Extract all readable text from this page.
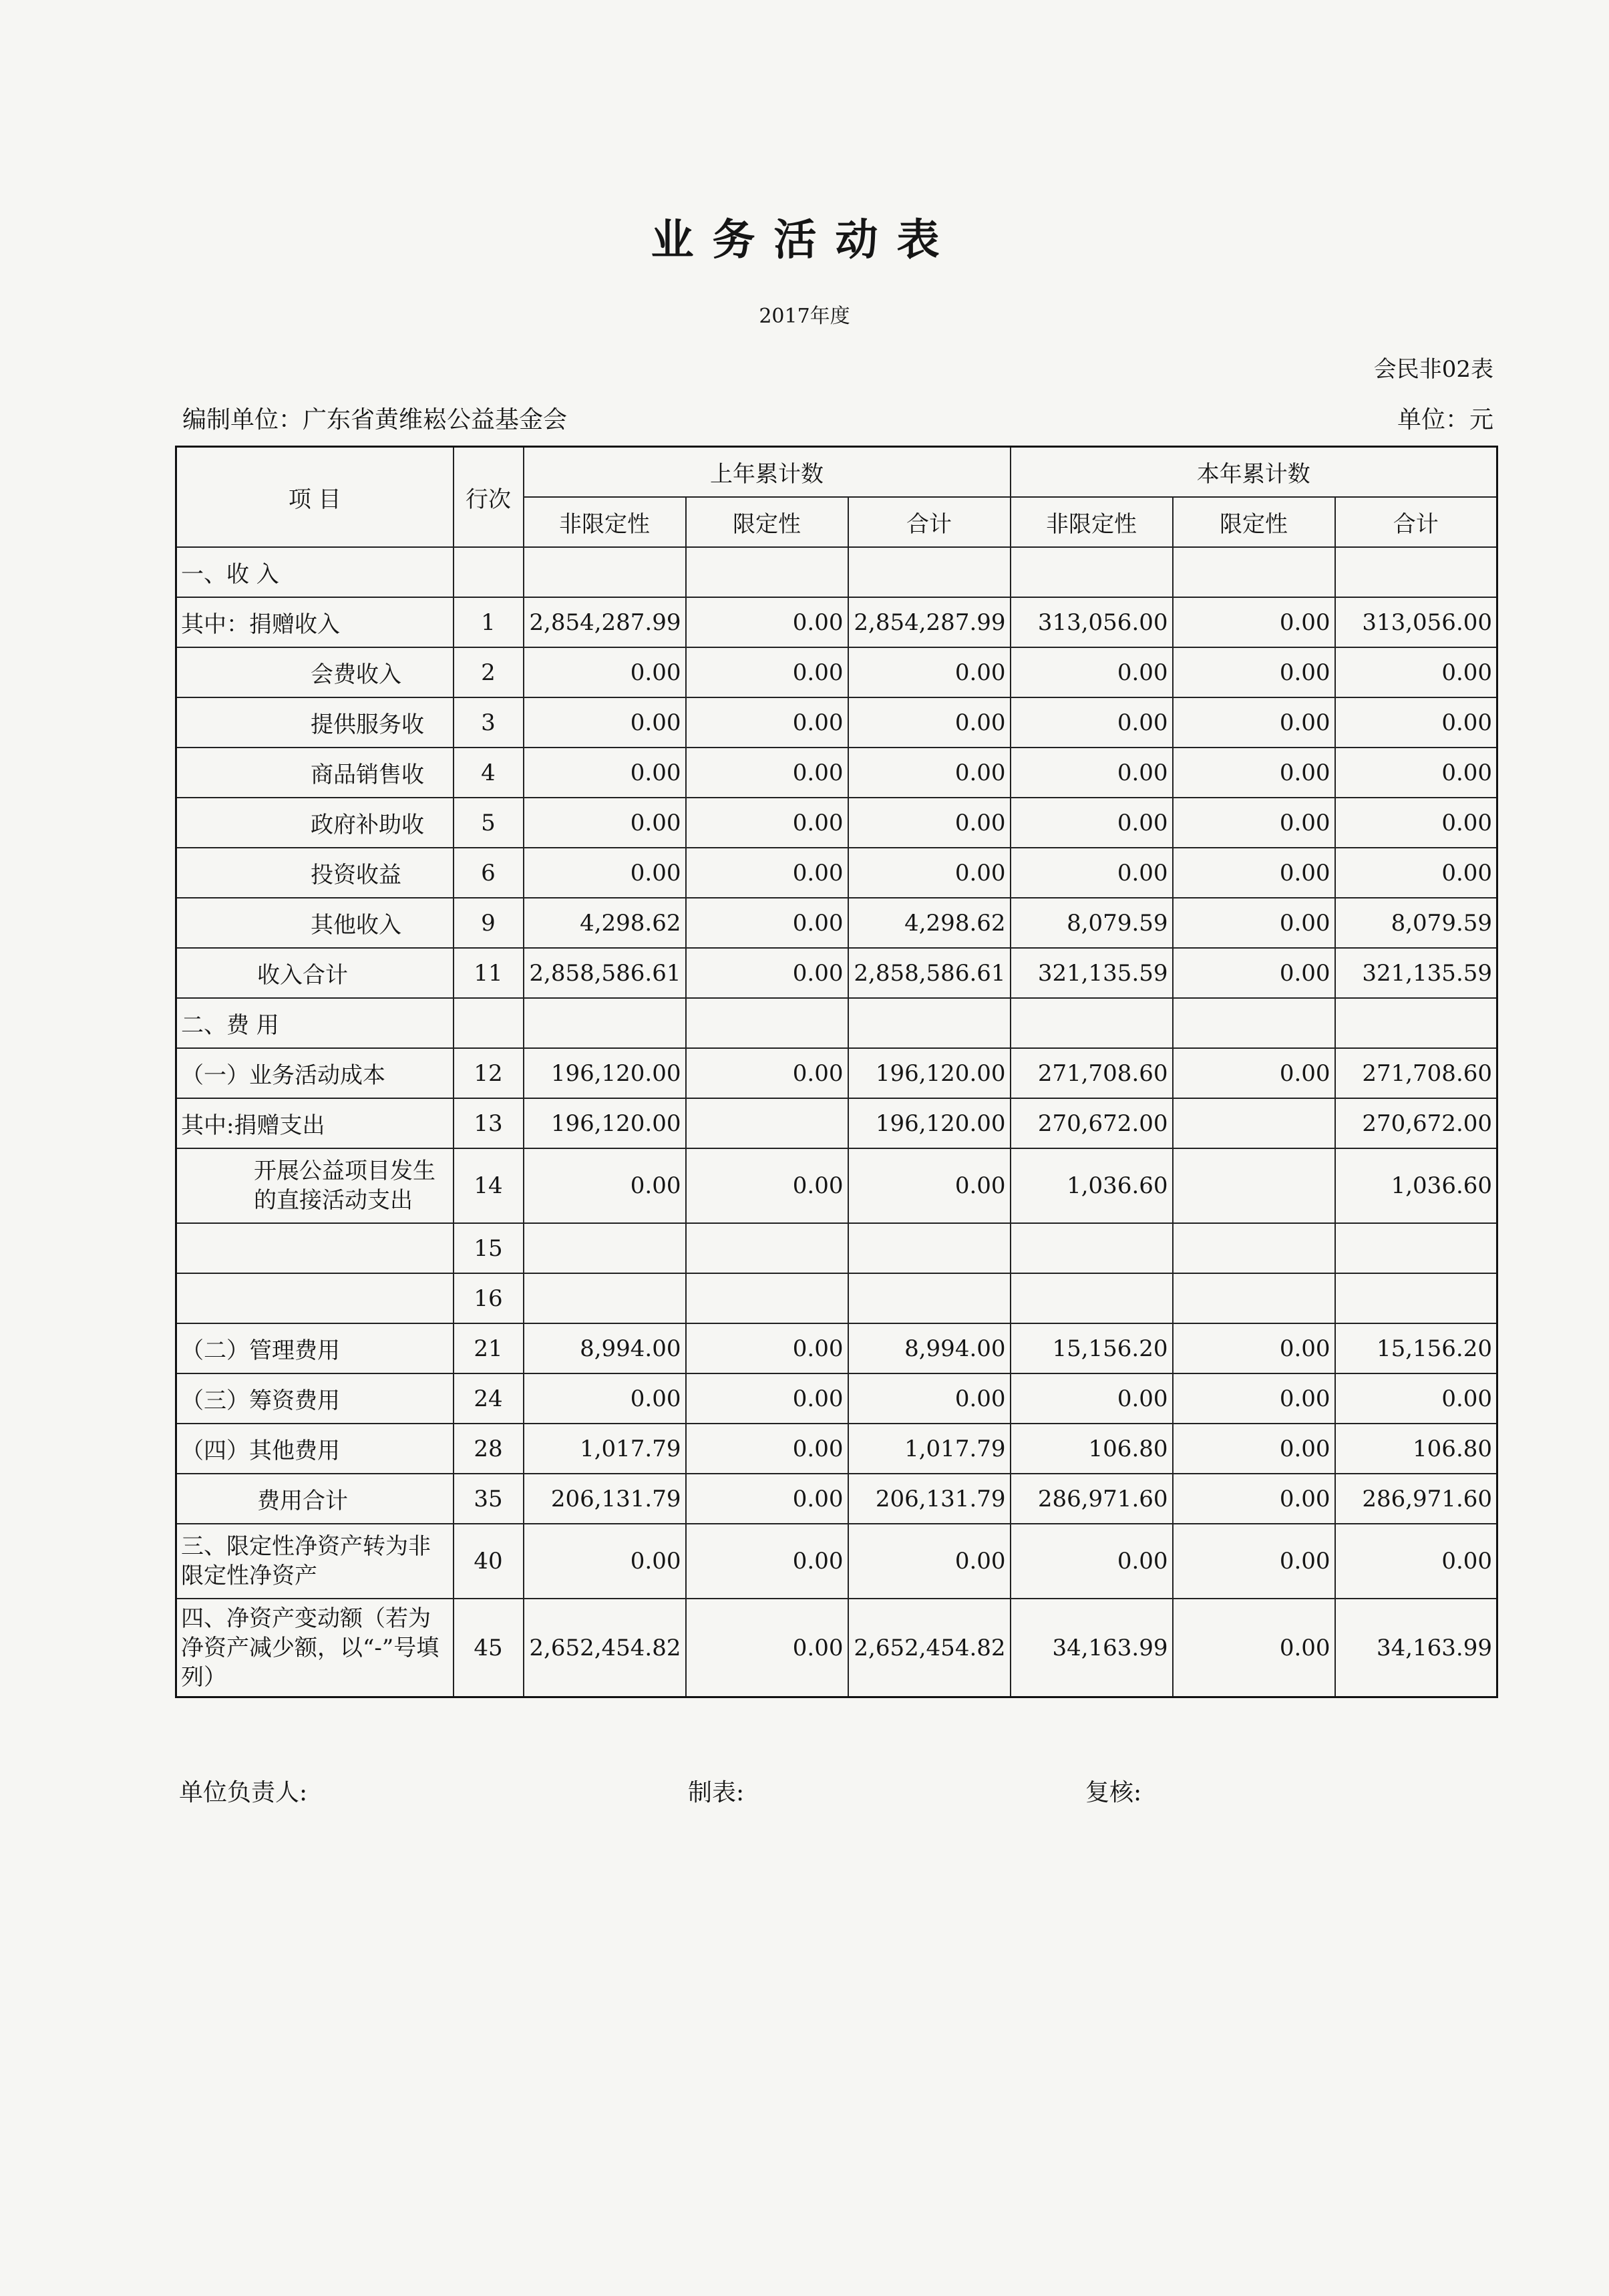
业务活动表
2017年度
会民非02表
编制单位：广东省黄维崧公益基金会	单位：元
项 目	行次	上年累计数			本年累计数		
		非限定性	限定性	合计	非限定性	限定性	合计
一、收 入							
其中：捐赠收入	1	2,854,287.99	0.00	2,854,287.99	313,056.00	0.00	313,056.00
会费收入	2	0.00	0.00	0.00	0.00	0.00	0.00
提供服务收	3	0.00	0.00	0.00	0.00	0.00	0.00
商品销售收	4	0.00	0.00	0.00	0.00	0.00	0.00
政府补助收	5	0.00	0.00	0.00	0.00	0.00	0.00
投资收益	6	0.00	0.00	0.00	0.00	0.00	0.00
其他收入	9	4,298.62	0.00	4,298.62	8,079.59	0.00	8,079.59
收入合计	11	2,858,586.61	0.00	2,858,586.61	321,135.59	0.00	321,135.59
二、费 用							
（一）业务活动成本	12	196,120.00	0.00	196,120.00	271,708.60	0.00	271,708.60
其中:捐赠支出	13	196,120.00		196,120.00	270,672.00		270,672.00
开展公益项目发生的直接活动支出	14	0.00	0.00	0.00	1,036.60		1,036.60
	15						
	16						
（二）管理费用	21	8,994.00	0.00	8,994.00	15,156.20	0.00	15,156.20
（三）筹资费用	24	0.00	0.00	0.00	0.00	0.00	0.00
（四）其他费用	28	1,017.79	0.00	1,017.79	106.80	0.00	106.80
费用合计	35	206,131.79	0.00	206,131.79	286,971.60	0.00	286,971.60
三、限定性净资产转为非限定性净资产	40	0.00	0.00	0.00	0.00	0.00	0.00
四、净资产变动额（若为净资产减少额，以“-”号填列）	45	2,652,454.82	0.00	2,652,454.82	34,163.99	0.00	34,163.99
单位负责人:	制表:	复核:
